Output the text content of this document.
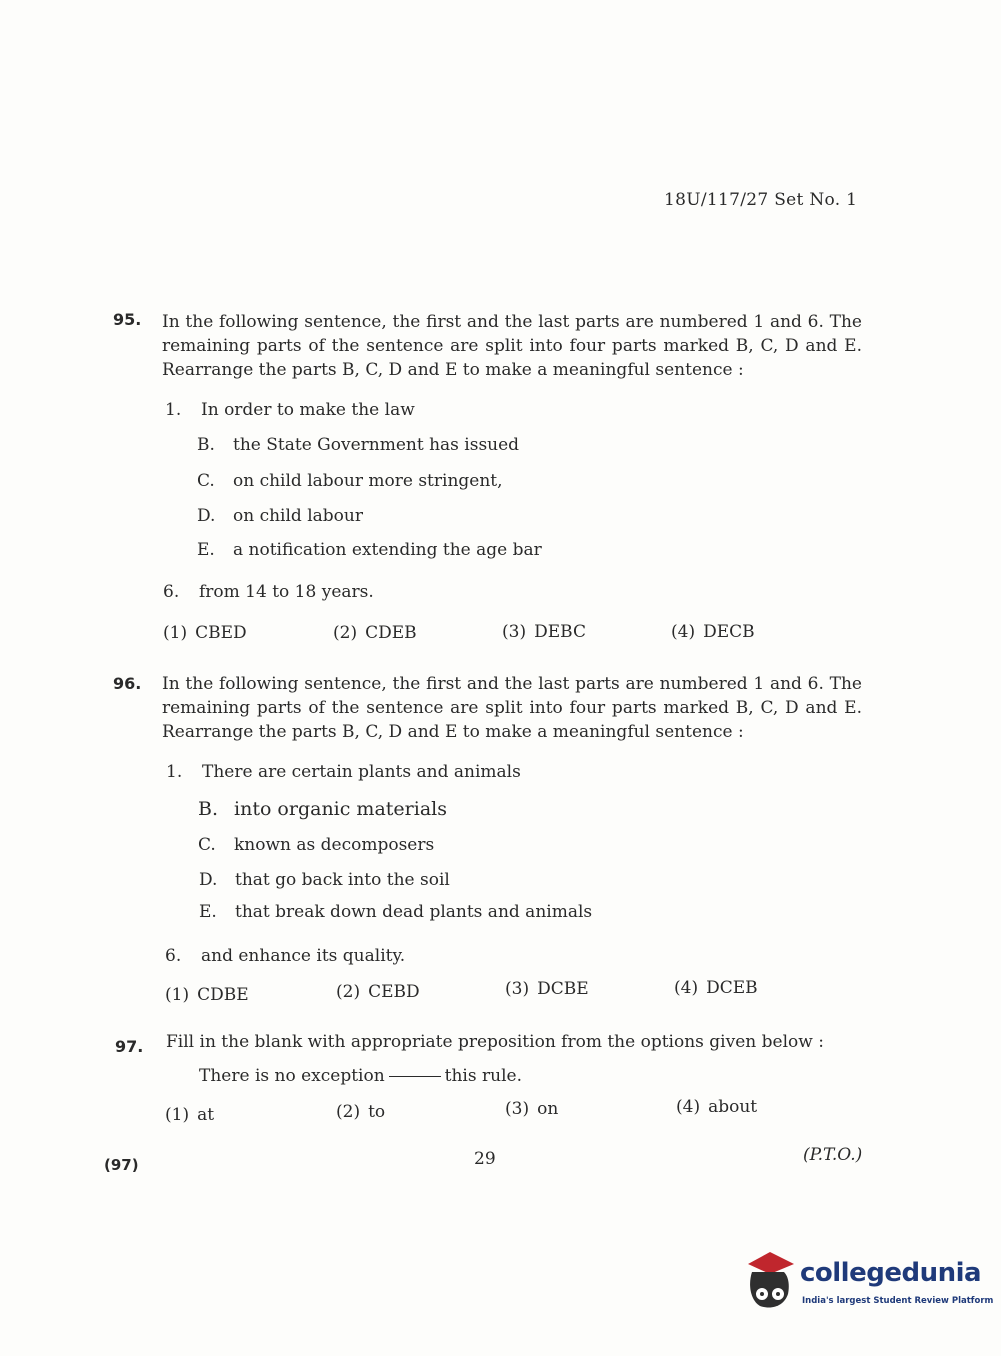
18U/117/27 Set No. 1
95. In the following sentence, the first and the last parts are numbered 1 and 6. The remaining parts of the sentence are split into four parts marked B, C, D and E. Rearrange the parts B, C, D and E to make a meaningful sentence :
1. In order to make the law
B. the State Government has issued
C. on child labour more stringent,
D. on child labour
E. a notification extending the age bar
6. from 14 to 18 years.
(1) CBED	(2) CDEB	(3) DEBC	(4) DECB
96. In the following sentence, the first and the last parts are numbered 1 and 6. The remaining parts of the sentence are split into four parts marked B, C, D and E. Rearrange the parts B, C, D and E to make a meaningful sentence :
1. There are certain plants and animals
B. into organic materials
C. known as decomposers
D. that go back into the soil
E. that break down dead plants and animals
6. and enhance its quality.
(1) CDBE	(2) CEBD	(3) DCBE	(4) DCEB
97. Fill in the blank with appropriate preposition from the options given below :
There is no exception	this rule.
(1) at	(2) to	(3) on	(4) about
(97)	29	(P.T.O.)
collegedunia
India's largest Student Review Platform
